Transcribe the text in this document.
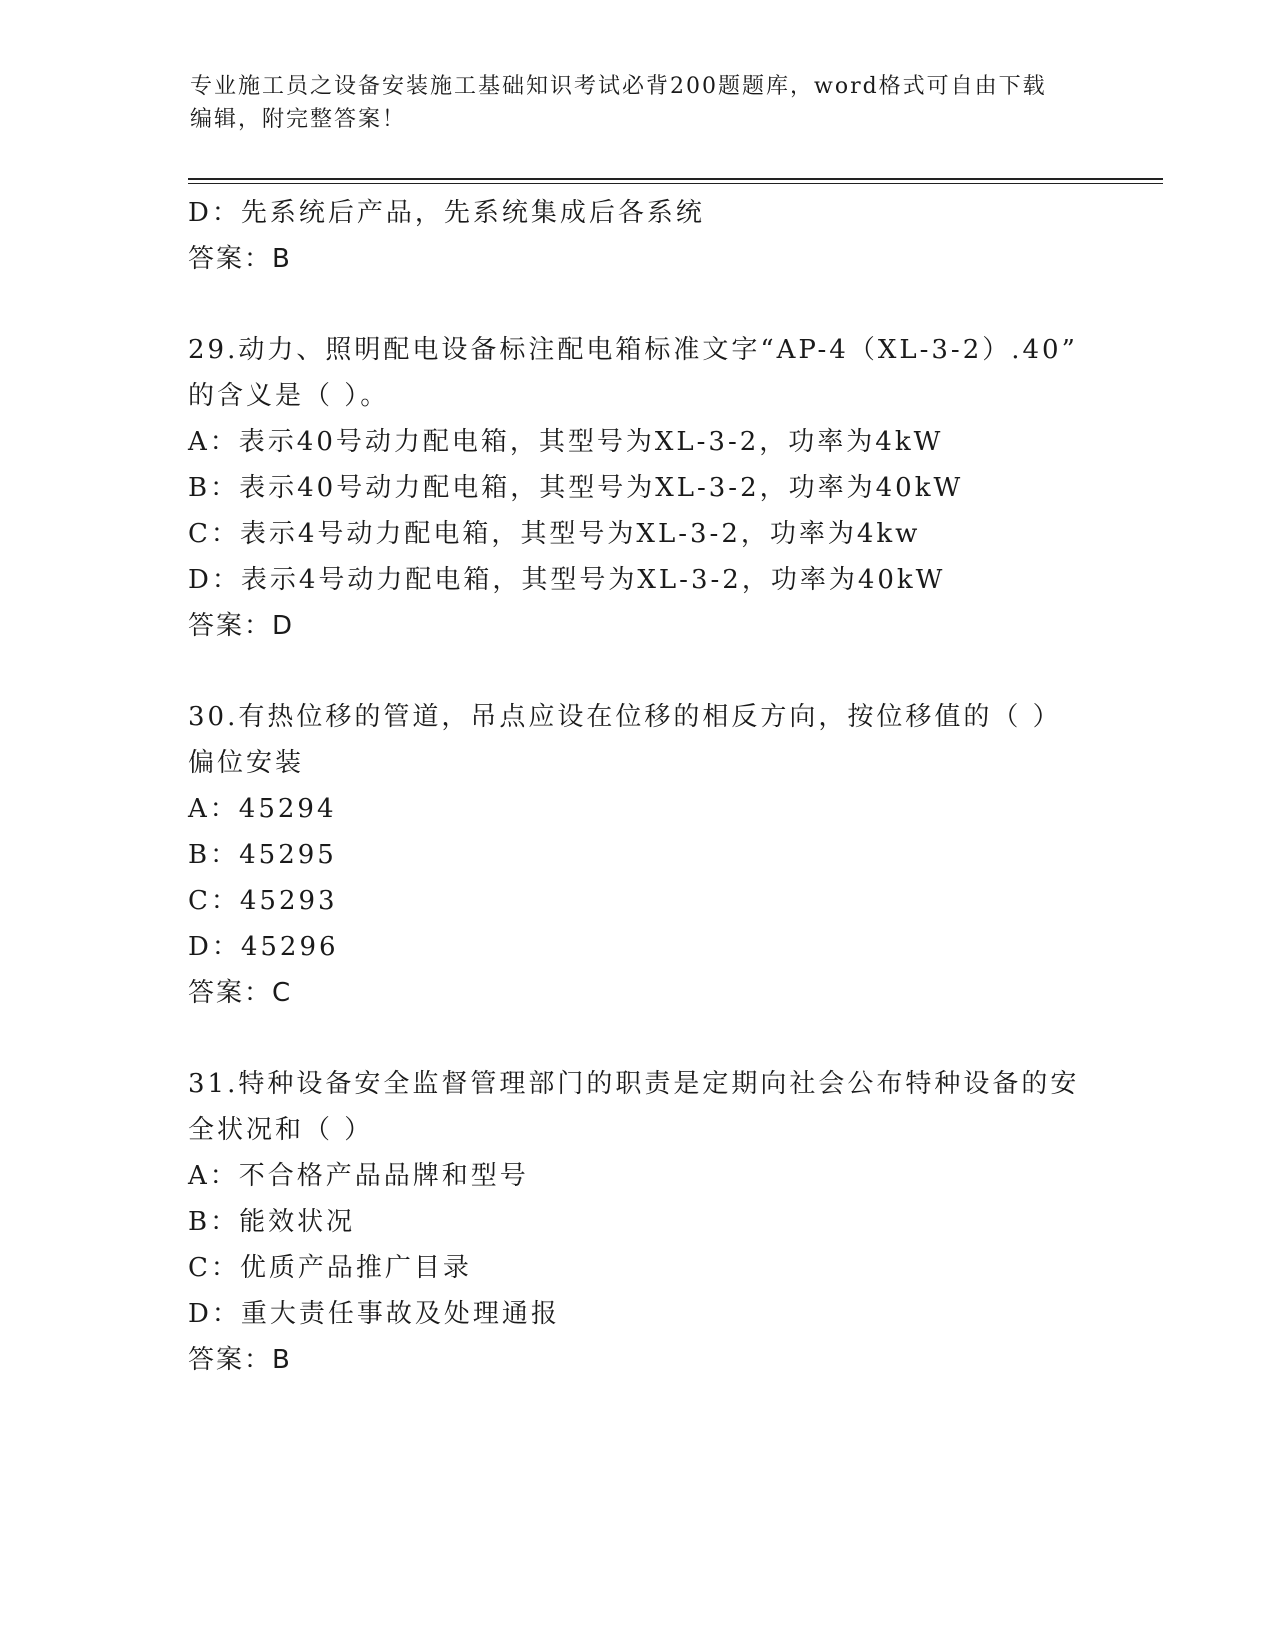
专业施工员之设备安装施工基础知识考试必背200题题库，word格式可自由下载
编辑，附完整答案！
D：先系统后产品，先系统集成后各系统
答案：B
29.动力、照明配电设备标注配电箱标准文字“AP-4（XL-3-2）.40”
的含义是（ ）。
A：表示40号动力配电箱，其型号为XL-3-2，功率为4kW
B：表示40号动力配电箱，其型号为XL-3-2，功率为40kW
C：表示4号动力配电箱，其型号为XL-3-2，功率为4kw
D：表示4号动力配电箱，其型号为XL-3-2，功率为40kW
答案：D
30.有热位移的管道，吊点应设在位移的相反方向，按位移值的（ ）
偏位安装
A：45294
B：45295
C：45293
D：45296
答案：C
31.特种设备安全监督管理部门的职责是定期向社会公布特种设备的安
全状况和（ ）
A：不合格产品品牌和型号
B：能效状况
C：优质产品推广目录
D：重大责任事故及处理通报
答案：B
